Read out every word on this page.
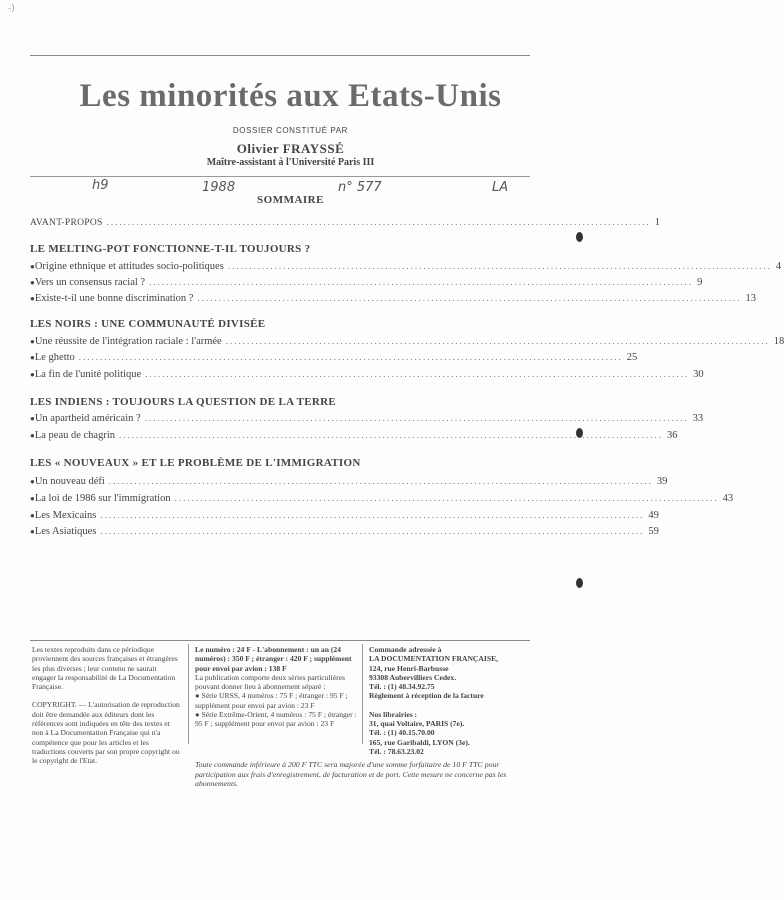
-)
Les minorités aux Etats-Unis
DOSSIER CONSTITUÉ PAR
Olivier FRAYSSÉ
Maître-assistant à l'Université Paris III
h9	1988	n° 577	LA
SOMMAIRE
AVANT-PROPOS ................................................................................................................................ 1
LE MELTING-POT FONCTIONNE-T-IL TOUJOURS ?
● Origine ethnique et attitudes socio-politiques ................................................................................................................................ 4
● Vers un consensus racial ? ................................................................................................................................ 9
● Existe-t-il une bonne discrimination ? ................................................................................................................................ 13
LES NOIRS : UNE COMMUNAUTÉ DIVISÉE
● Une réussite de l'intégration raciale : l'armée ................................................................................................................................ 18
● Le ghetto ................................................................................................................................ 25
● La fin de l'unité politique ................................................................................................................................ 30
LES INDIENS : TOUJOURS LA QUESTION DE LA TERRE
● Un apartheid américain ? ................................................................................................................................ 33
● La peau de chagrin ................................................................................................................................ 36
LES « NOUVEAUX » ET LE PROBLÈME DE L'IMMIGRATION
● Un nouveau défi ................................................................................................................................ 39
● La loi de 1986 sur l'immigration ................................................................................................................................ 43
● Les Mexicains ................................................................................................................................ 49
● Les Asiatiques ................................................................................................................................ 59

Les textes reproduits dans ce périodique proviennent des sources françaises et étrangères les plus diverses ; leur contenu ne saurait engager la responsabilité de La Documentation Française.

COPYRIGHT. — L'autorisation de reproduction doit être demandée aux éditeurs dont les références sont indiquées en tête des textes et non à La Documentation Française qui n'a compétence que pour les articles et les traductions couverts par son propre copyright ou le copyright de l'Etat.

Le numéro : 24 F - L'abonnement : un an (24 numéros) : 350 F ; étranger : 420 F ; supplément pour envoi par avion : 138 F

La publication comporte deux séries particulières pouvant donner lieu à abonnement séparé :

● Série URSS, 4 numéros : 75 F ; étranger : 95 F ; supplément pour envoi par avion : 23 F

● Série Extrême-Orient, 4 numéros : 75 F ; étranger : 95 F ; supplément pour envoi par avion : 23 F

Commande adressée à

LA DOCUMENTATION FRANÇAISE,

124, rue Henri-Barbusse

93308 Aubervilliers Cedex.

Tél. : (1) 48.34.92.75

Règlement à réception de la facture

Nos librairies :

31, quai Voltaire, PARIS (7e).

Tél. : (1) 40.15.70.00

165, rue Garibaldi, LYON (3e).

Tél. : 78.63.23.02

Toute commande inférieure à 200 F TTC sera majorée d'une somme forfaitaire de 10 F TTC pour participation aux frais d'enregistrement, de facturation et de port. Cette mesure ne concerne pas les abonnements.
